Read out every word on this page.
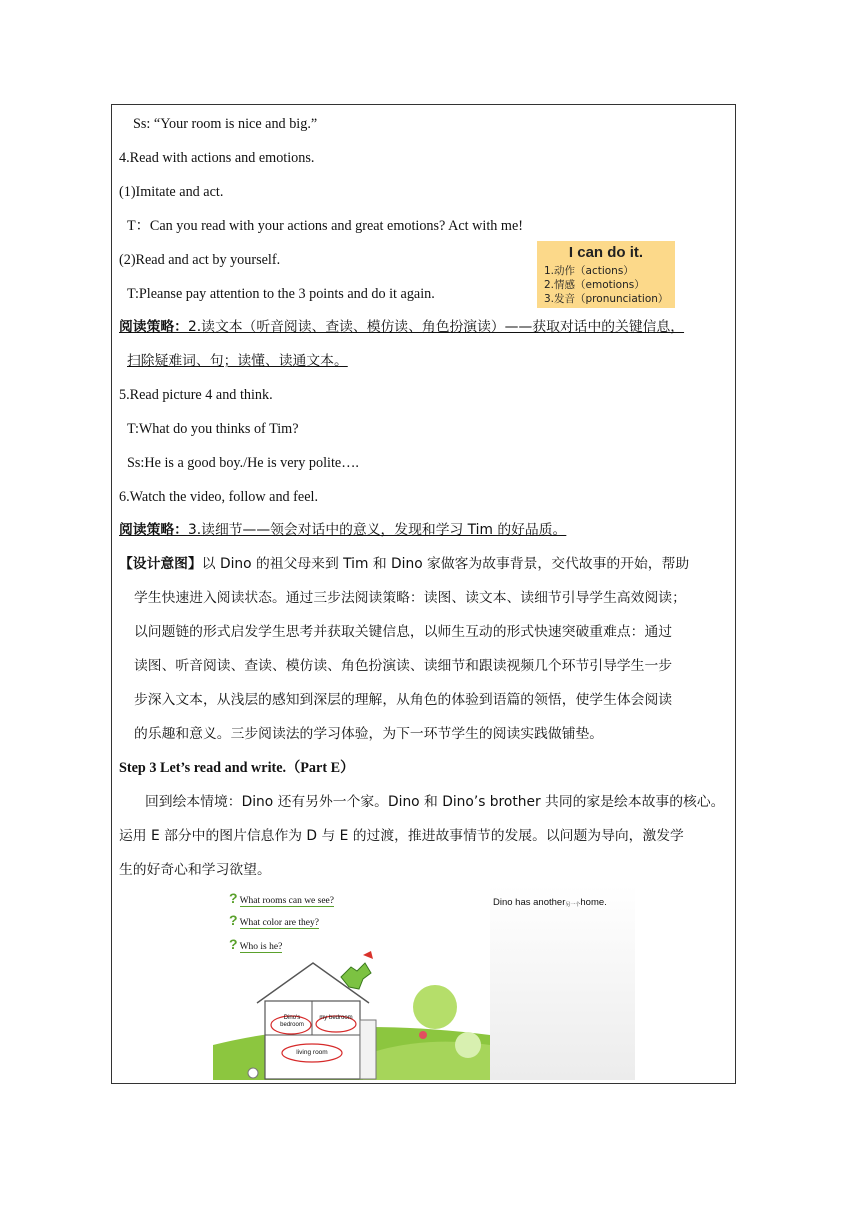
Ss: “Your room is nice and big.”
4.Read with actions and emotions.
(1)Imitate and act.
T：Can you read with your actions and great emotions? Act with me!
(2)Read and act by yourself.
T:Pleanse pay attention to the 3 points and do it again.
I can do it.
1.动作（actions）
2.情感（emotions）
3.发音（pronunciation）
阅读策略：2.读文本（听音阅读、查读、模仿读、角色扮演读）——获取对话中的关键信息，
扫除疑难词、句；读懂、读通文本。
5.Read picture 4 and think.
T:What do you thinks of Tim?
Ss:He is a good boy./He is very polite….
6.Watch the video, follow and feel.
阅读策略：3.读细节——领会对话中的意义，发现和学习 Tim 的好品质。
【设计意图】以 Dino 的祖父母来到 Tim 和 Dino 家做客为故事背景，交代故事的开始，帮助
学生快速进入阅读状态。通过三步法阅读策略：读图、读文本、读细节引导学生高效阅读；
以问题链的形式启发学生思考并获取关键信息，以师生互动的形式快速突破重难点：通过
读图、听音阅读、查读、模仿读、角色扮演读、读细节和跟读视频几个环节引导学生一步
步深入文本，从浅层的感知到深层的理解，从角色的体验到语篇的领悟，使学生体会阅读
的乐趣和意义。三步阅读法的学习体验，为下一环节学生的阅读实践做铺垫。
Step 3 Let’s read and write.（Part E）
回到绘本情境：Dino 还有另外一个家。Dino 和 Dino’s brother 共同的家是绘本故事的核心。
运用 E 部分中的图片信息作为 D 与 E 的过渡，推进故事情节的发展。以问题为导向，激发学
生的好奇心和学习欲望。
? What rooms can we see?
? What color are they?
? Who is he?
Dino's bedroom
my bedroom
living room
Dino has another另一个home.
